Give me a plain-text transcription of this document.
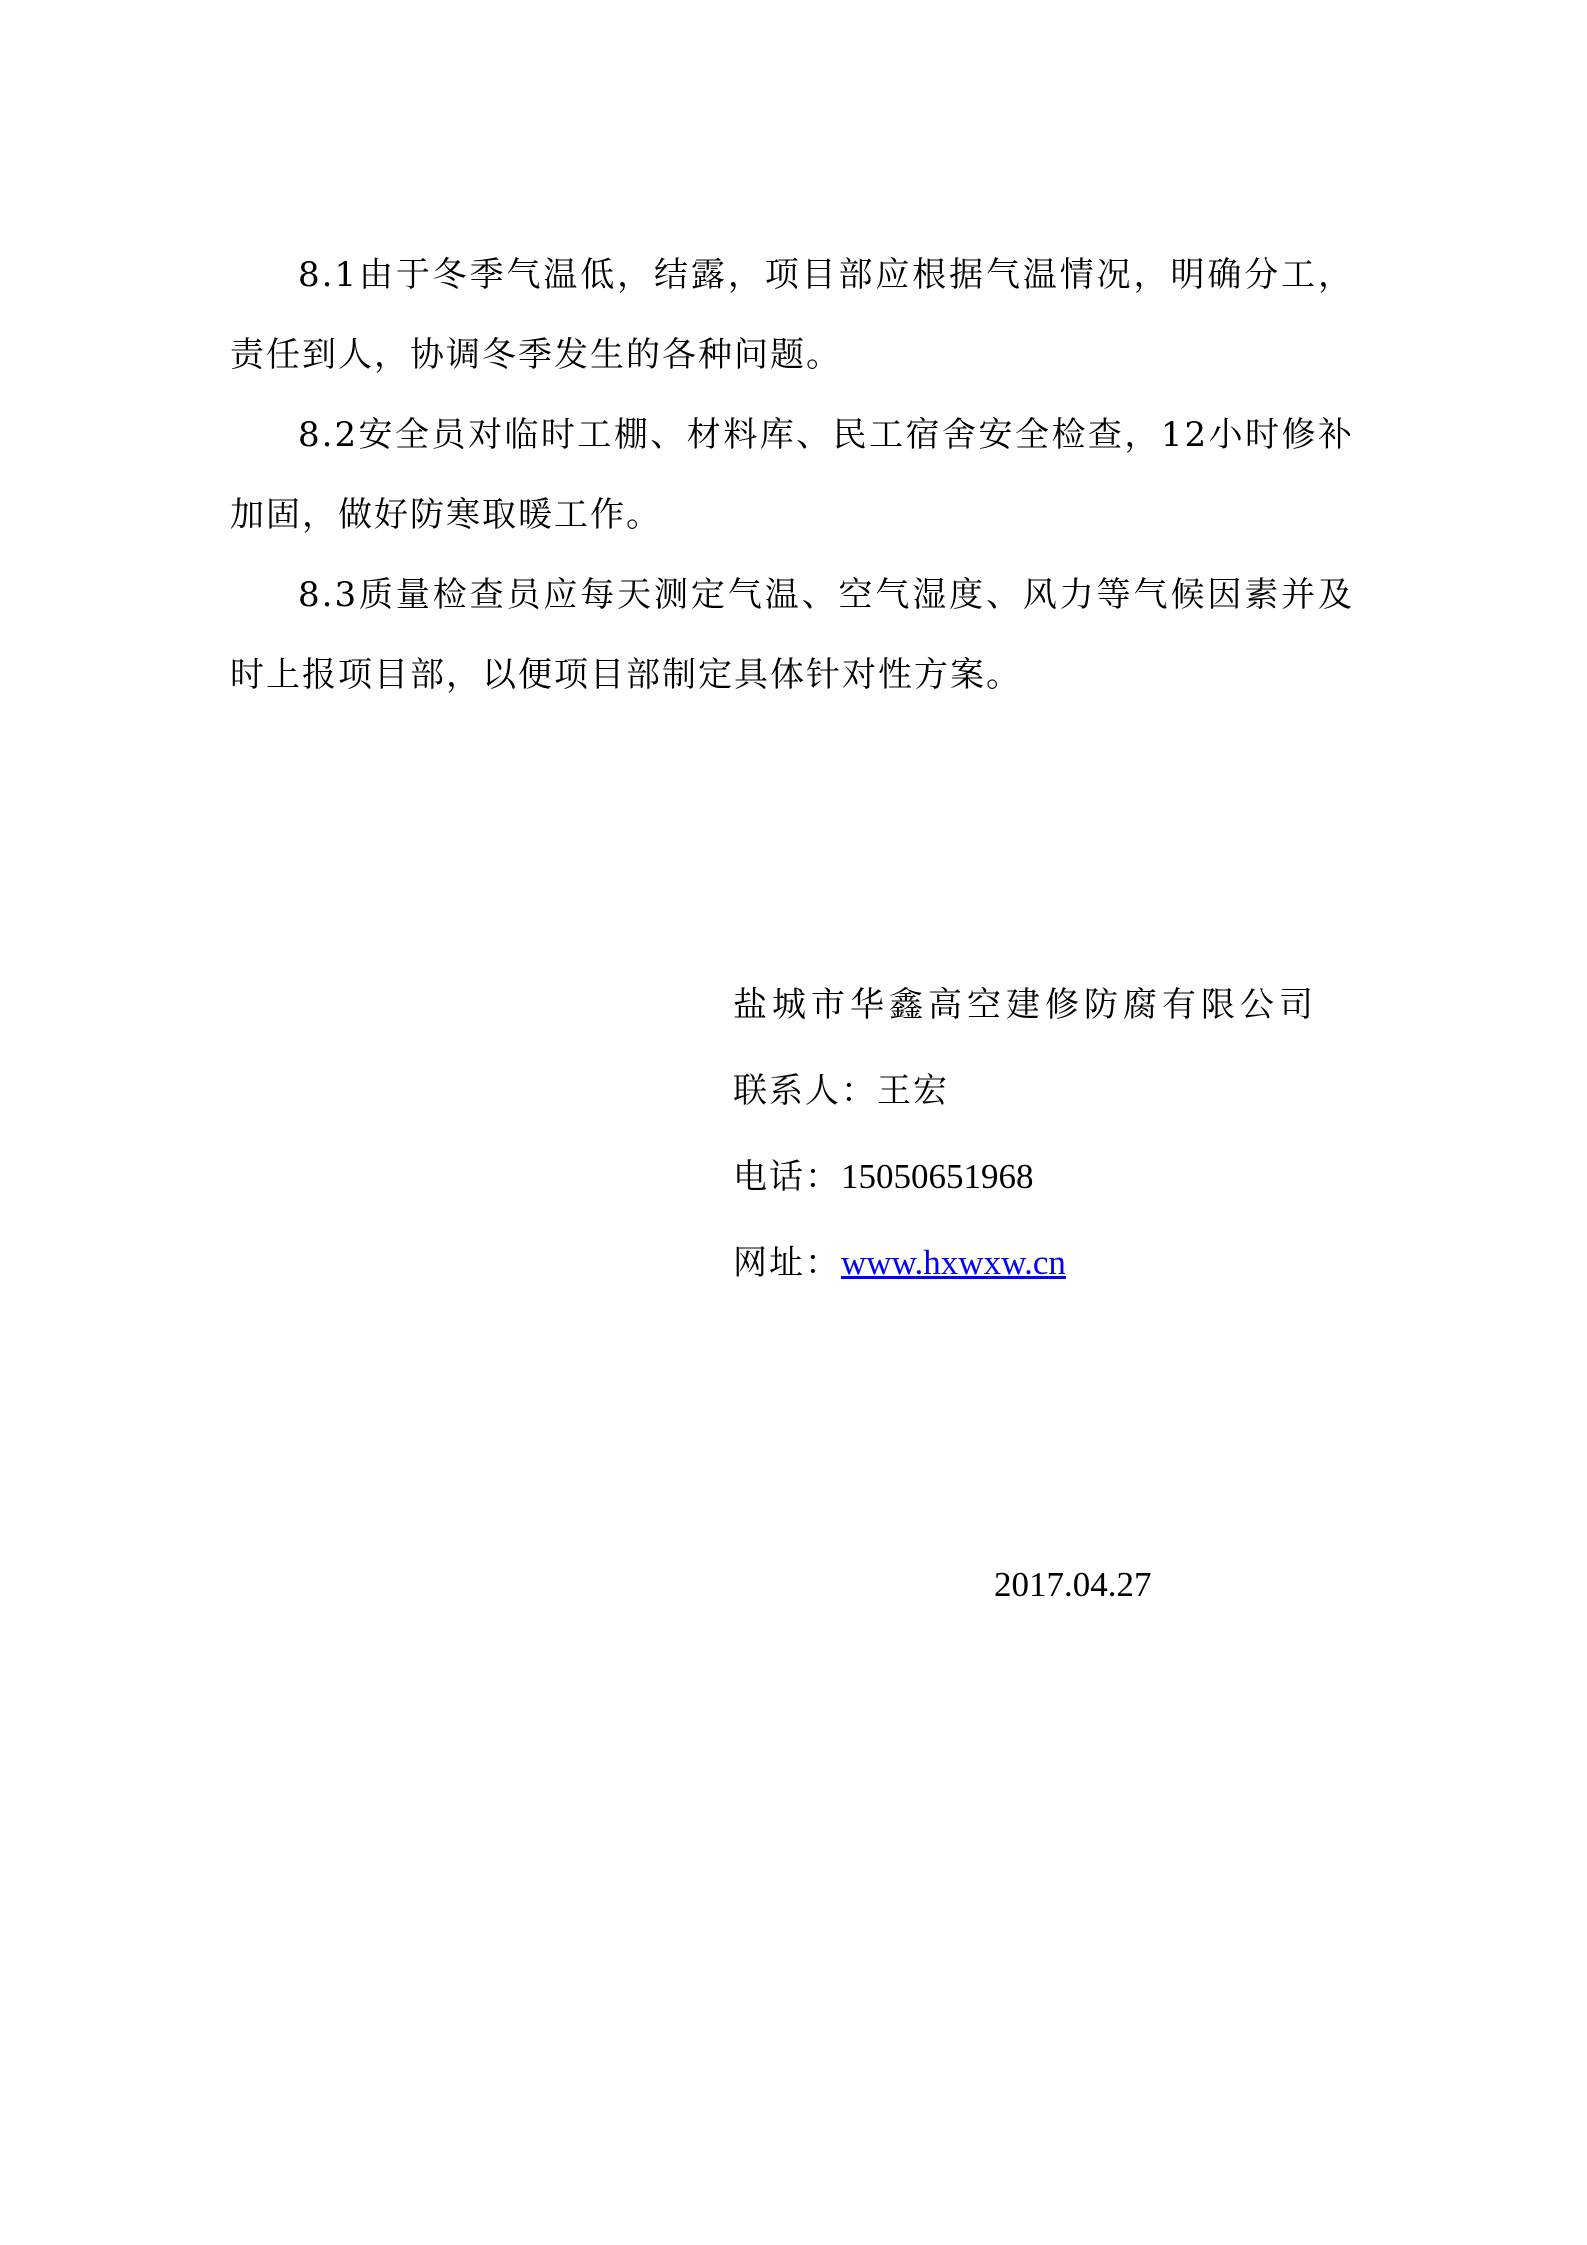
8.1由于冬季气温低，结露，项目部应根据气温情况，明确分工，责任到人，协调冬季发生的各种问题。

8.2安全员对临时工棚、材料库、民工宿舍安全检查，12小时修补加固，做好防寒取暖工作。

8.3质量检查员应每天测定气温、空气湿度、风力等气候因素并及时上报项目部，以便项目部制定具体针对性方案。

盐城市华鑫高空建修防腐有限公司
联系人：王宏
电话：15050651968
网址：www.hxwxw.cn
2017.04.27
